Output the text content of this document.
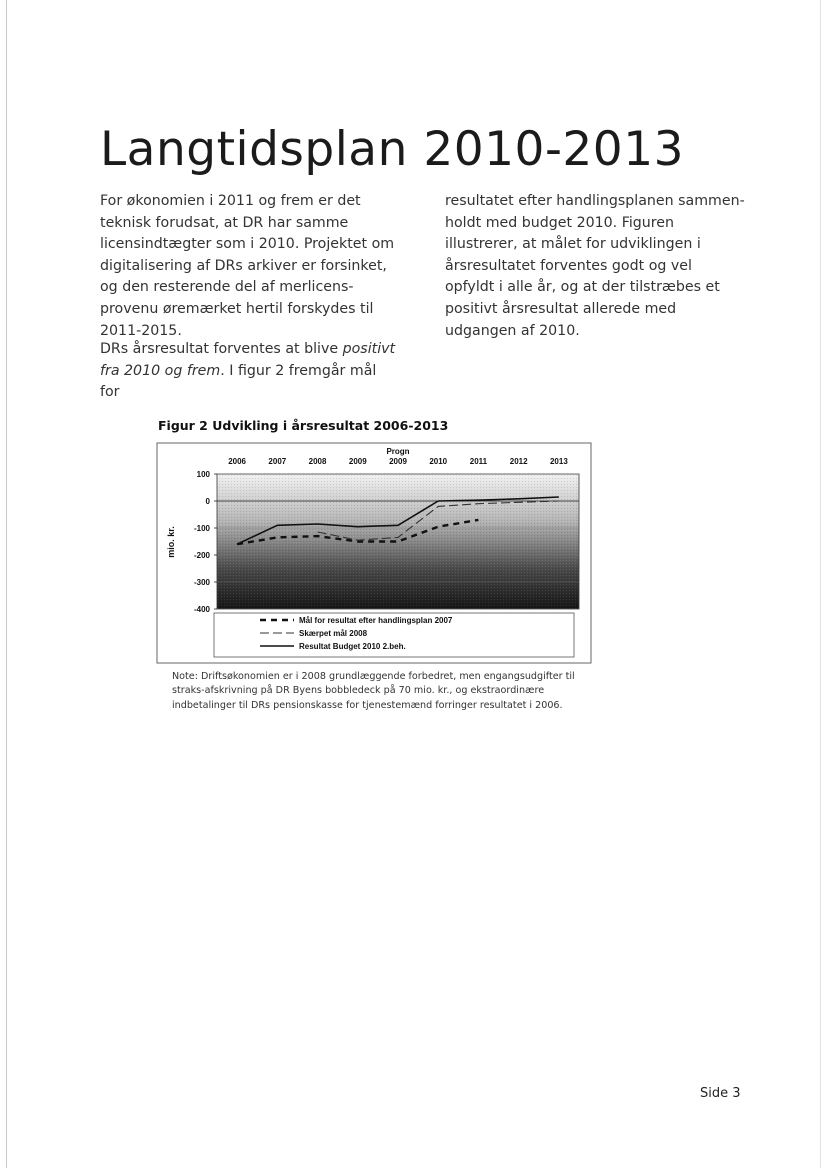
Langtidsplan 2010-2013

For økonomien i 2011 og frem er det teknisk forudsat, at DR har samme licensindtægter som i 2010. Projektet om digitalisering af DRs arkiver er forsinket, og den resterende del af merlicens-provenu øremærket hertil forskydes til 2011-2015.

DRs årsresultat forventes at blive positivt fra 2010 og frem. I figur 2 fremgår mål for

resultatet efter handlingsplanen sammen-holdt med budget 2010. Figuren illustrerer, at målet for udviklingen i årsresultatet forventes godt og vel opfyldt i alle år, og at der tilstræbes et positivt årsresultat allerede med udgangen af 2010.

Figur 2 Udvikling i årsresultat 2006-2013
100
0
-100
-200
-300
-400
2006	2007	2008	2009	2009	2010	2011	2012	2013
Progn
mio. kr.
Mål for resultat efter handlingsplan 2007
Skærpet mål 2008
Resultat Budget 2010 2.beh.
Note: Driftsøkonomien er i 2008 grundlæggende forbedret, men engangsudgifter til straks-afskrivning på DR Byens bobbledeck på 70 mio. kr., og ekstraordinære indbetalinger til DRs pensionskasse for tjenestemænd forringer resultatet i 2006.
Side 3
